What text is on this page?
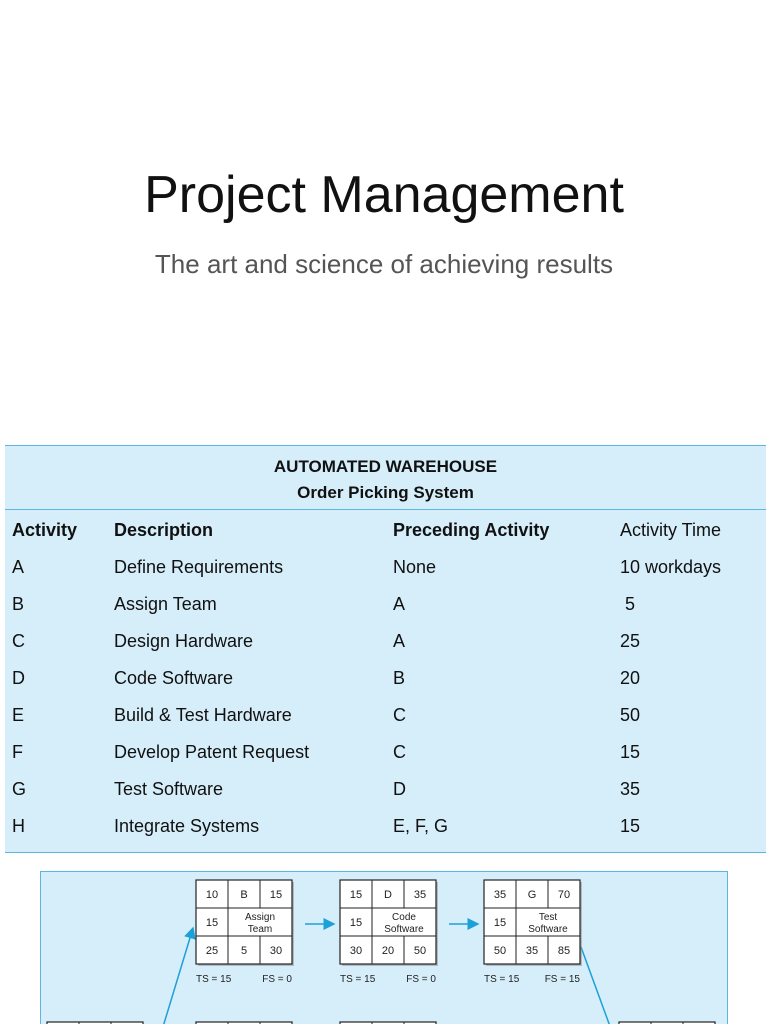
Project Management
The art and science of achieving results
AUTOMATED WAREHOUSE
Order Picking System
Activity Description	Preceding Activity	Activity Time
A	Define Requirements	None	10 workdays
B	Assign Team	A	5
C	Design Hardware	A	25
D	Code Software	B	20
E	Build & Test Hardware	C	50
F	Develop Patent Request	C	15
G	Test Software	D	35
H	Integrate Systems	E, F, G	15
10 B 15
15	Assign
Team
25 5 30
TS = 15	FS = 0
15 D 35
15	Code
Software
30 20 50
TS = 15	FS = 0
35 G 70
15	Test
Software
50 35 85
TS = 15	FS = 15
